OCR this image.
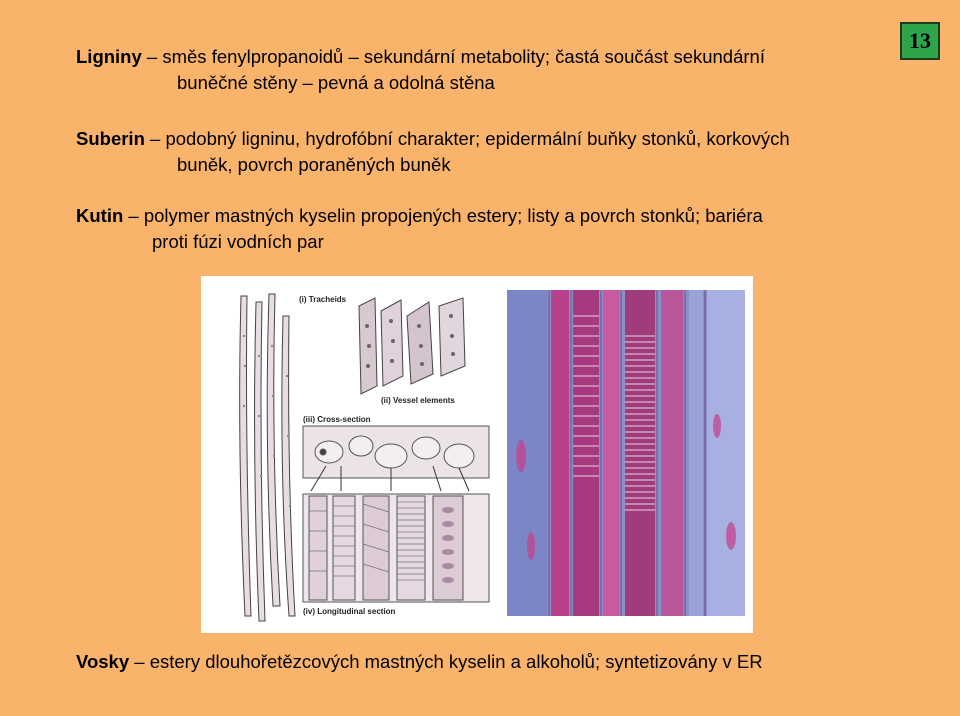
13
Ligniny – směs fenylpropanoidů – sekundární metabolity; častá součást sekundární
buněčné stěny – pevná a odolná stěna
Suberin – podobný ligninu, hydrofóbní charakter; epidermální buňky stonků, korkových
buněk, povrch poraněných buněk
Kutin – polymer mastných kyselin propojených estery; listy a povrch stonků; bariéra
proti fúzi vodních par
(i) Tracheids
(ii) Vessel elements
(iii) Cross-section
(iv) Longitudinal section
Vosky – estery dlouhořetězcových mastných kyselin a alkoholů; syntetizovány v ER
